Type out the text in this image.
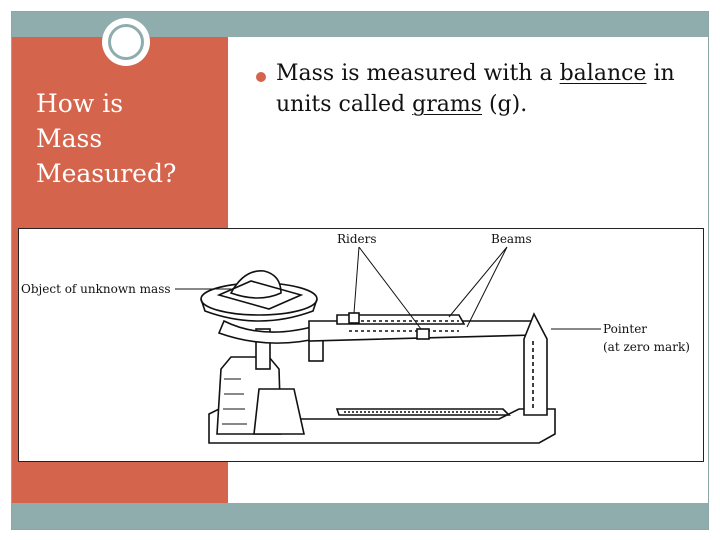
How is
Mass
Measured?
Mass is measured with a balance in units called grams (g).
Riders	Beams
Object of unknown mass
Pointer
(at zero mark)
